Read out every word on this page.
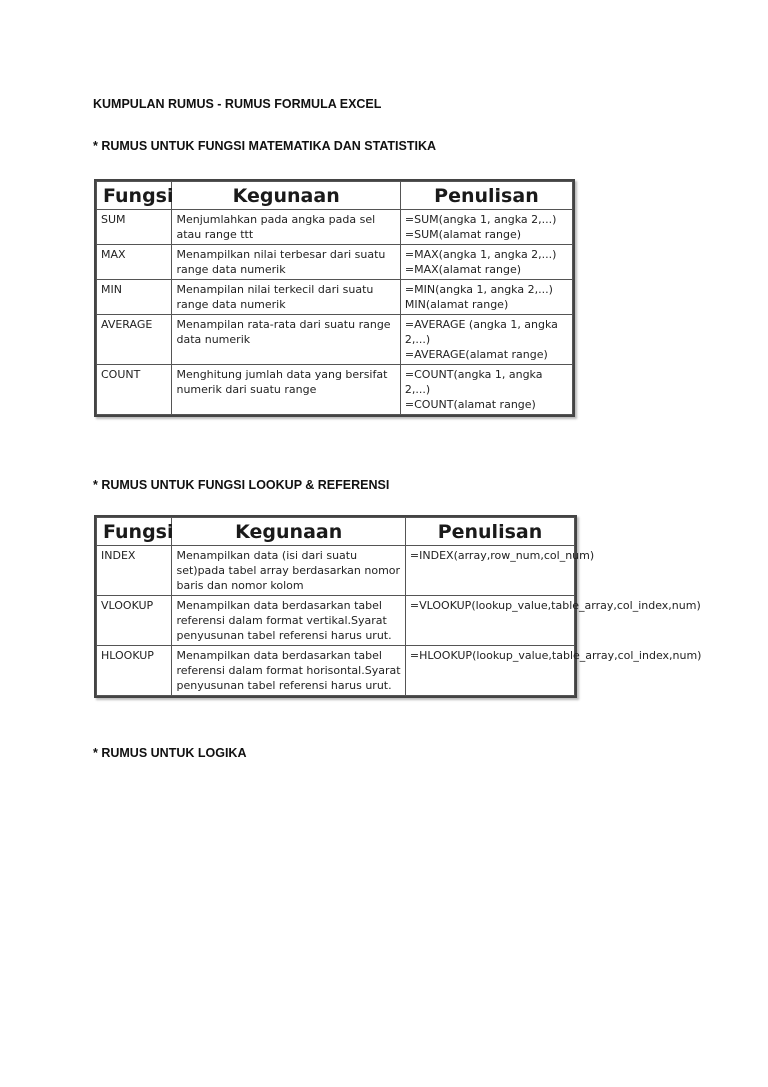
KUMPULAN RUMUS - RUMUS FORMULA EXCEL
* RUMUS UNTUK FUNGSI MATEMATIKA DAN STATISTIKA
Fungsi	Kegunaan	Penulisan
SUM	Menjumlahkan pada angka pada sel atau range ttt	=SUM(angka 1, angka 2,...)
=SUM(alamat range)

MAX	Menampilkan nilai terbesar dari suatu range data numerik	=MAX(angka 1, angka 2,...)
=MAX(alamat range)

MIN	Menampilan nilai terkecil dari suatu range data numerik	=MIN(angka 1, angka 2,...)
MIN(alamat range)

AVERAGE	Menampilan rata-rata dari suatu range data numerik	=AVERAGE (angka 1, angka 2,...)
=AVERAGE(alamat range)

COUNT	Menghitung jumlah data yang bersifat numerik dari suatu range	=COUNT(angka 1, angka 2,...)
=COUNT(alamat range)
* RUMUS UNTUK FUNGSI LOOKUP & REFERENSI
Fungsi	Kegunaan	Penulisan
INDEX	Menampilkan data (isi dari suatu set)pada tabel array berdasarkan nomor baris dan nomor kolom	=INDEX(array,row_num,col_num)

VLOOKUP	Menampilkan data berdasarkan tabel referensi dalam format vertikal.Syarat penyusunan tabel referensi harus urut.	=VLOOKUP(lookup_value,table_array,col_index,num)

HLOOKUP	Menampilkan data berdasarkan tabel referensi dalam format horisontal.Syarat penyusunan tabel referensi harus urut.	=HLOOKUP(lookup_value,table_array,col_index,num)
* RUMUS UNTUK LOGIKA
